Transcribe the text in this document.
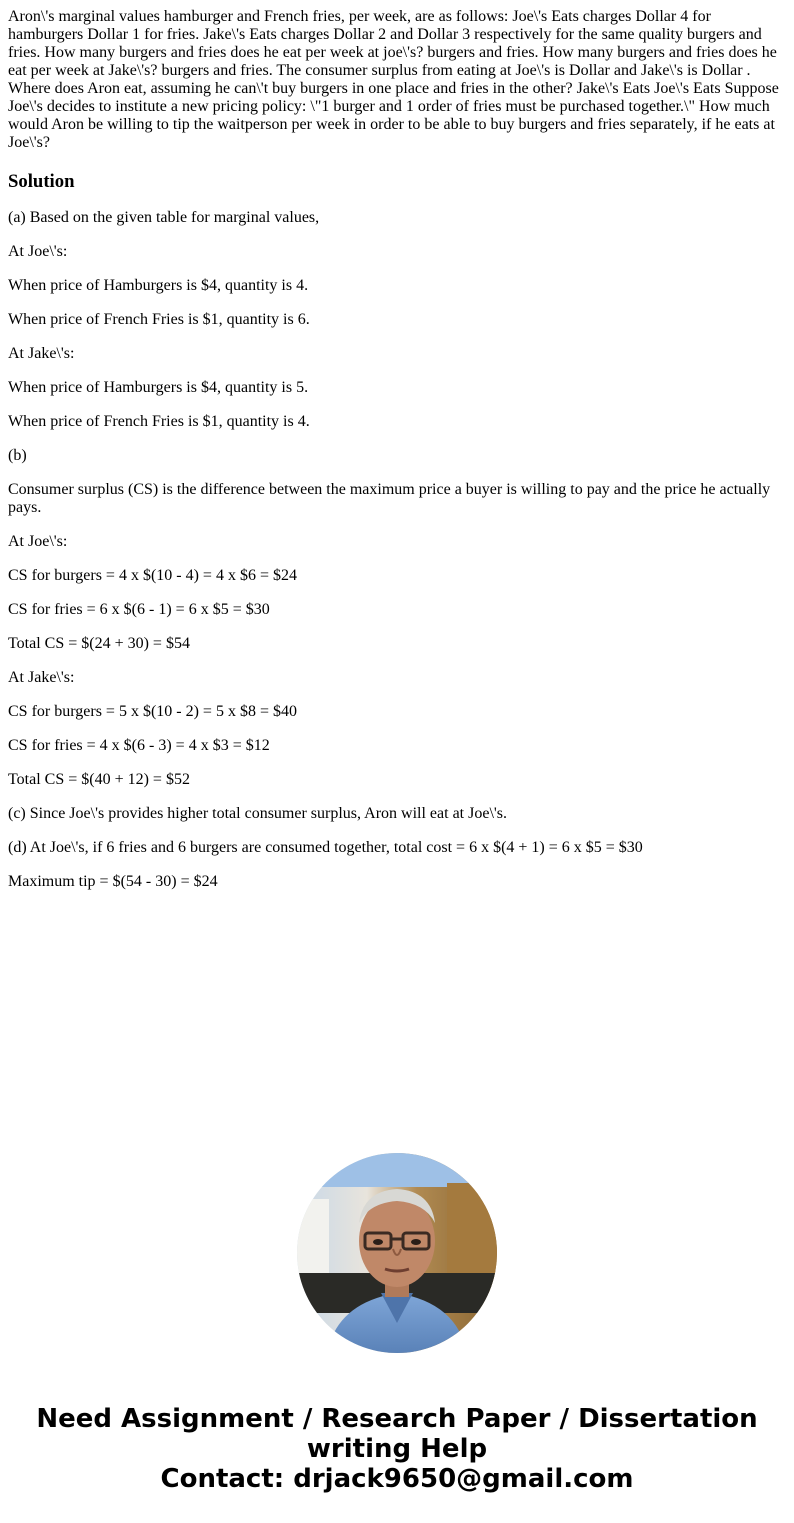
Aron\'s marginal values hamburger and French fries, per week, are as follows: Joe\'s Eats charges Dollar 4 for hamburgers Dollar 1 for fries. Jake\'s Eats charges Dollar 2 and Dollar 3 respectively for the same quality burgers and fries. How many burgers and fries does he eat per week at joe\'s? burgers and fries. How many burgers and fries does he eat per week at Jake\'s? burgers and fries. The consumer surplus from eating at Joe\'s is Dollar and Jake\'s is Dollar . Where does Aron eat, assuming he can\'t buy burgers in one place and fries in the other? Jake\'s Eats Joe\'s Eats Suppose Joe\'s decides to institute a new pricing policy: \"1 burger and 1 order of fries must be purchased together.\" How much would Aron be willing to tip the waitperson per week in order to be able to buy burgers and fries separately, if he eats at Joe\'s?

Solution

(a) Based on the given table for marginal values,

At Joe\'s:

When price of Hamburgers is $4, quantity is 4.

When price of French Fries is $1, quantity is 6.

At Jake\'s:

When price of Hamburgers is $4, quantity is 5.

When price of French Fries is $1, quantity is 4.

(b)

Consumer surplus (CS) is the difference between the maximum price a buyer is willing to pay and the price he actually pays.

At Joe\'s:

CS for burgers = 4 x $(10 - 4) = 4 x $6 = $24

CS for fries = 6 x $(6 - 1) = 6 x $5 = $30

Total CS = $(24 + 30) = $54

At Jake\'s:

CS for burgers = 5 x $(10 - 2) = 5 x $8 = $40

CS for fries = 4 x $(6 - 3) = 4 x $3 = $12

Total CS = $(40 + 12) = $52

(c) Since Joe\'s provides higher total consumer surplus, Aron will eat at Joe\'s.

(d) At Joe\'s, if 6 fries and 6 burgers are consumed together, total cost = 6 x $(4 + 1) = 6 x $5 = $30

Maximum tip = $(54 - 30) = $24

Need Assignment / Research Paper / Dissertation
writing Help
Contact: drjack9650@gmail.com
